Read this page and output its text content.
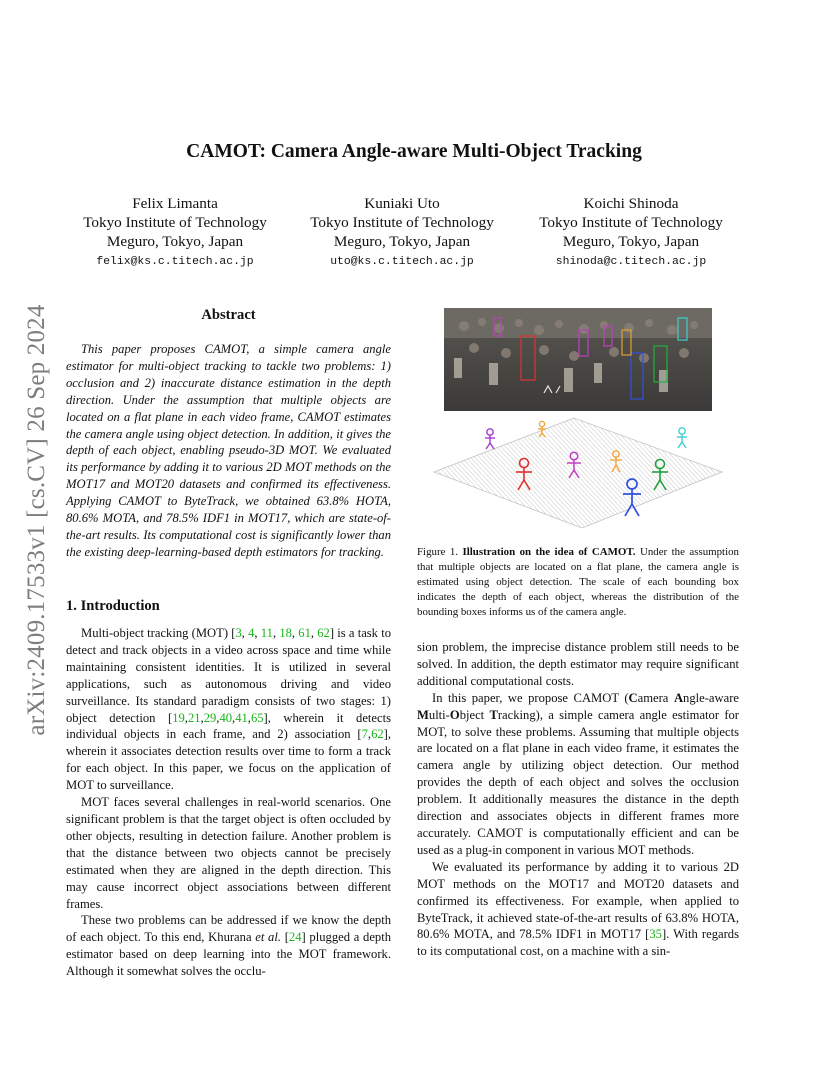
arXiv:2409.17533v1 [cs.CV] 26 Sep 2024
CAMOT: Camera Angle-aware Multi-Object Tracking
Felix Limanta
Tokyo Institute of Technology
Meguro, Tokyo, Japan
felix@ks.c.titech.ac.jp
Kuniaki Uto
Tokyo Institute of Technology
Meguro, Tokyo, Japan
uto@ks.c.titech.ac.jp
Koichi Shinoda
Tokyo Institute of Technology
Meguro, Tokyo, Japan
shinoda@c.titech.ac.jp
Abstract

This paper proposes CAMOT, a simple camera angle estimator for multi-object tracking to tackle two problems: 1) occlusion and 2) inaccurate distance estimation in the depth direction. Under the assumption that multiple objects are located on a flat plane in each video frame, CAMOT estimates the camera angle using object detection. In addition, it gives the depth of each object, enabling pseudo-3D MOT. We evaluated its performance by adding it to various 2D MOT methods on the MOT17 and MOT20 datasets and confirmed its effectiveness. Applying CAMOT to ByteTrack, we obtained 63.8% HOTA, 80.6% MOTA, and 78.5% IDF1 in MOT17, which are state-of-the-art results. Its computational cost is significantly lower than the existing deep-learning-based depth estimators for tracking.

1. Introduction

Multi-object tracking (MOT) [3, 4, 11, 18, 61, 62] is a task to detect and track objects in a video across space and time while maintaining consistent identities. It is utilized in several applications, such as autonomous driving and video surveillance. Its standard paradigm consists of two stages: 1) object detection [19,21,29,40,41,65], wherein it detects individual objects in each frame, and 2) association [7,62], wherein it associates detection results over time to form a track for each object. In this paper, we focus on the application of MOT to surveillance.

MOT faces several challenges in real-world scenarios. One significant problem is that the target object is often occluded by other objects, resulting in detection failure. Another problem is that the distance between two objects cannot be precisely estimated when they are aligned in the depth direction. This may cause incorrect object associations between different frames.

These two problems can be addressed if we know the depth of each object. To this end, Khurana et al. [24] plugged a depth estimator based on deep learning into the MOT framework. Although it somewhat solves the occlu-

Figure 1. Illustration on the idea of CAMOT. Under the assumption that multiple objects are located on a flat plane, the camera angle is estimated using object detection. The scale of each bounding box indicates the depth of each object, whereas the distribution of the bounding boxes informs us of the camera angle.

sion problem, the imprecise distance problem still needs to be solved. In addition, the depth estimator may require significant additional computational costs.

In this paper, we propose CAMOT (Camera Angle-aware Multi-Object Tracking), a simple camera angle estimator for MOT, to solve these problems. Assuming that multiple objects are located on a flat plane in each video frame, it estimates the camera angle by utilizing object detection. Our method provides the depth of each object and solves the occlusion problem. It additionally measures the distance in the depth direction and associates objects in different frames more accurately. CAMOT is computationally efficient and can be used as a plug-in component in various MOT methods.

We evaluated its performance by adding it to various 2D MOT methods on the MOT17 and MOT20 datasets and confirmed its effectiveness. For example, when applied to ByteTrack, it achieved state-of-the-art results of 63.8% HOTA, 80.6% MOTA, and 78.5% IDF1 in MOT17 [35]. With regards to its computational cost, on a machine with a sin-
